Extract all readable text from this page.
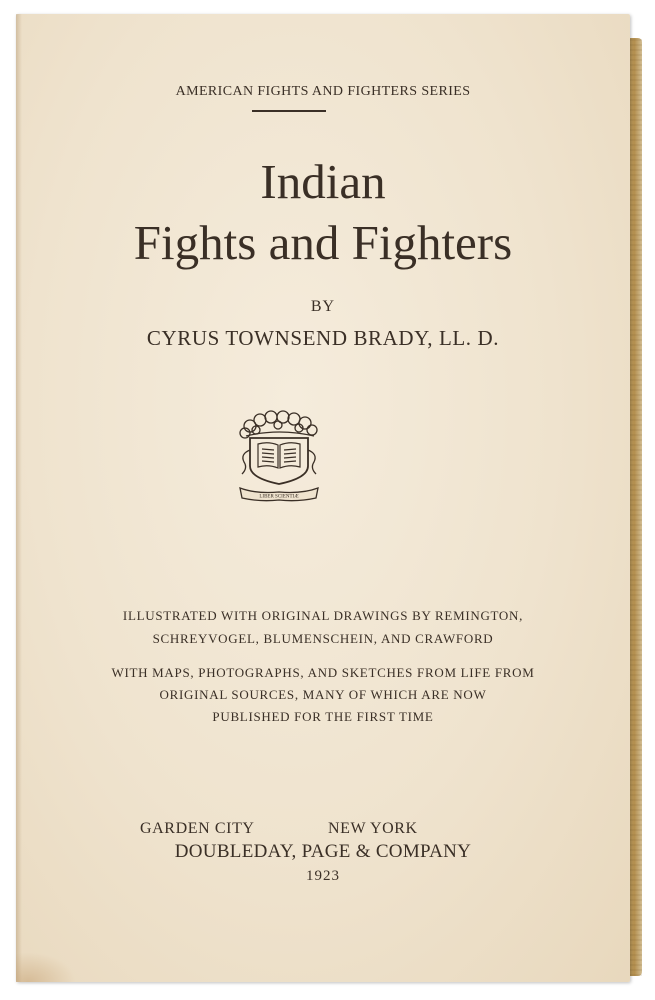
AMERICAN FIGHTS AND FIGHTERS SERIES
Indian
Fights and Fighters
BY
CYRUS TOWNSEND BRADY, LL. D.
LIBER SCIENTIÆ
ILLUSTRATED WITH ORIGINAL DRAWINGS BY REMINGTON,
SCHREYVOGEL, BLUMENSCHEIN, AND CRAWFORD
WITH MAPS, PHOTOGRAPHS, AND SKETCHES FROM LIFE FROM
ORIGINAL SOURCES, MANY OF WHICH ARE NOW
PUBLISHED FOR THE FIRST TIME
GARDEN CITY	NEW YORK
DOUBLEDAY, PAGE & COMPANY
1923
